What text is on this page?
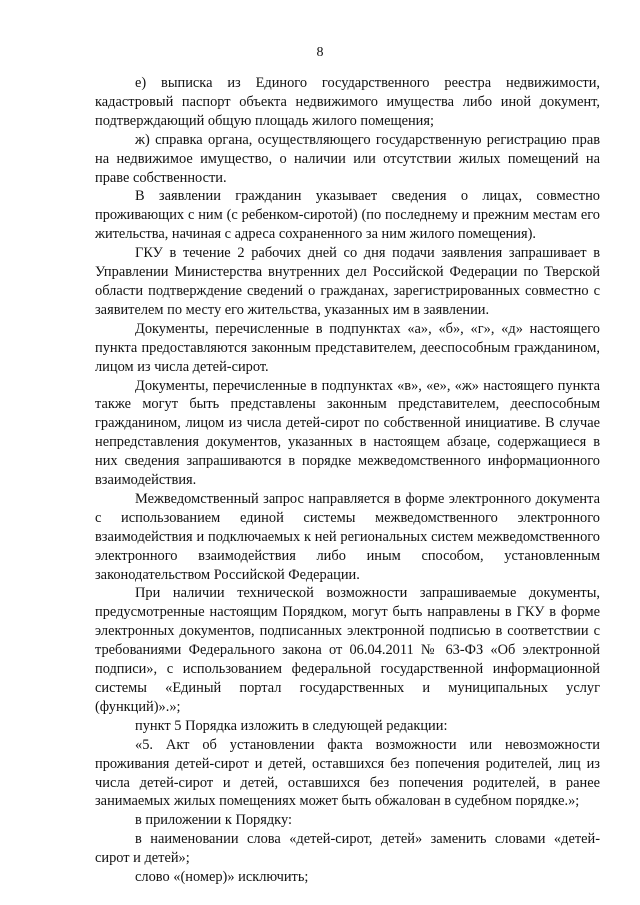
8

е) выписка из Единого государственного реестра недвижимости, кадастровый паспорт объекта недвижимого имущества либо иной документ, подтверждающий общую площадь жилого помещения;

ж) справка органа, осуществляющего государственную регистрацию прав на недвижимое имущество, о наличии или отсутствии жилых помещений на праве собственности.

В заявлении гражданин указывает сведения о лицах, совместно проживающих с ним (с ребенком-сиротой) (по последнему и прежним местам его жительства, начиная с адреса сохраненного за ним жилого помещения).

ГКУ в течение 2 рабочих дней со дня подачи заявления запрашивает в Управлении Министерства внутренних дел Российской Федерации по Тверской области подтверждение сведений о гражданах, зарегистрированных совместно с заявителем по месту его жительства, указанных им в заявлении.

Документы, перечисленные в подпунктах «а», «б», «г», «д» настоящего пункта предоставляются законным представителем, дееспособным гражданином, лицом из числа детей-сирот.

Документы, перечисленные в подпунктах «в», «е», «ж» настоящего пункта также могут быть представлены законным представителем, дееспособным гражданином, лицом из числа детей-сирот по собственной инициативе. В случае непредставления документов, указанных в настоящем абзаце, содержащиеся в них сведения запрашиваются в порядке межведомственного информационного взаимодействия.

Межведомственный запрос направляется в форме электронного документа с использованием единой системы межведомственного электронного взаимодействия и подключаемых к ней региональных систем межведомственного электронного взаимодействия либо иным способом, установленным законодательством Российской Федерации.

При наличии технической возможности запрашиваемые документы, предусмотренные настоящим Порядком, могут быть направлены в ГКУ в форме электронных документов, подписанных электронной подписью в соответствии с требованиями Федерального закона от 06.04.2011 № 63-ФЗ «Об электронной подписи», с использованием федеральной государственной информационной системы «Единый портал государственных и муниципальных услуг (функций)».»;

пункт 5 Порядка изложить в следующей редакции:

«5. Акт об установлении факта возможности или невозможности проживания детей-сирот и детей, оставшихся без попечения родителей, лиц из числа детей-сирот и детей, оставшихся без попечения родителей, в ранее занимаемых жилых помещениях может быть обжалован в судебном порядке.»;

в приложении к Порядку:

в наименовании слова «детей-сирот, детей» заменить словами «детей-сирот и детей»;

слово «(номер)» исключить;
